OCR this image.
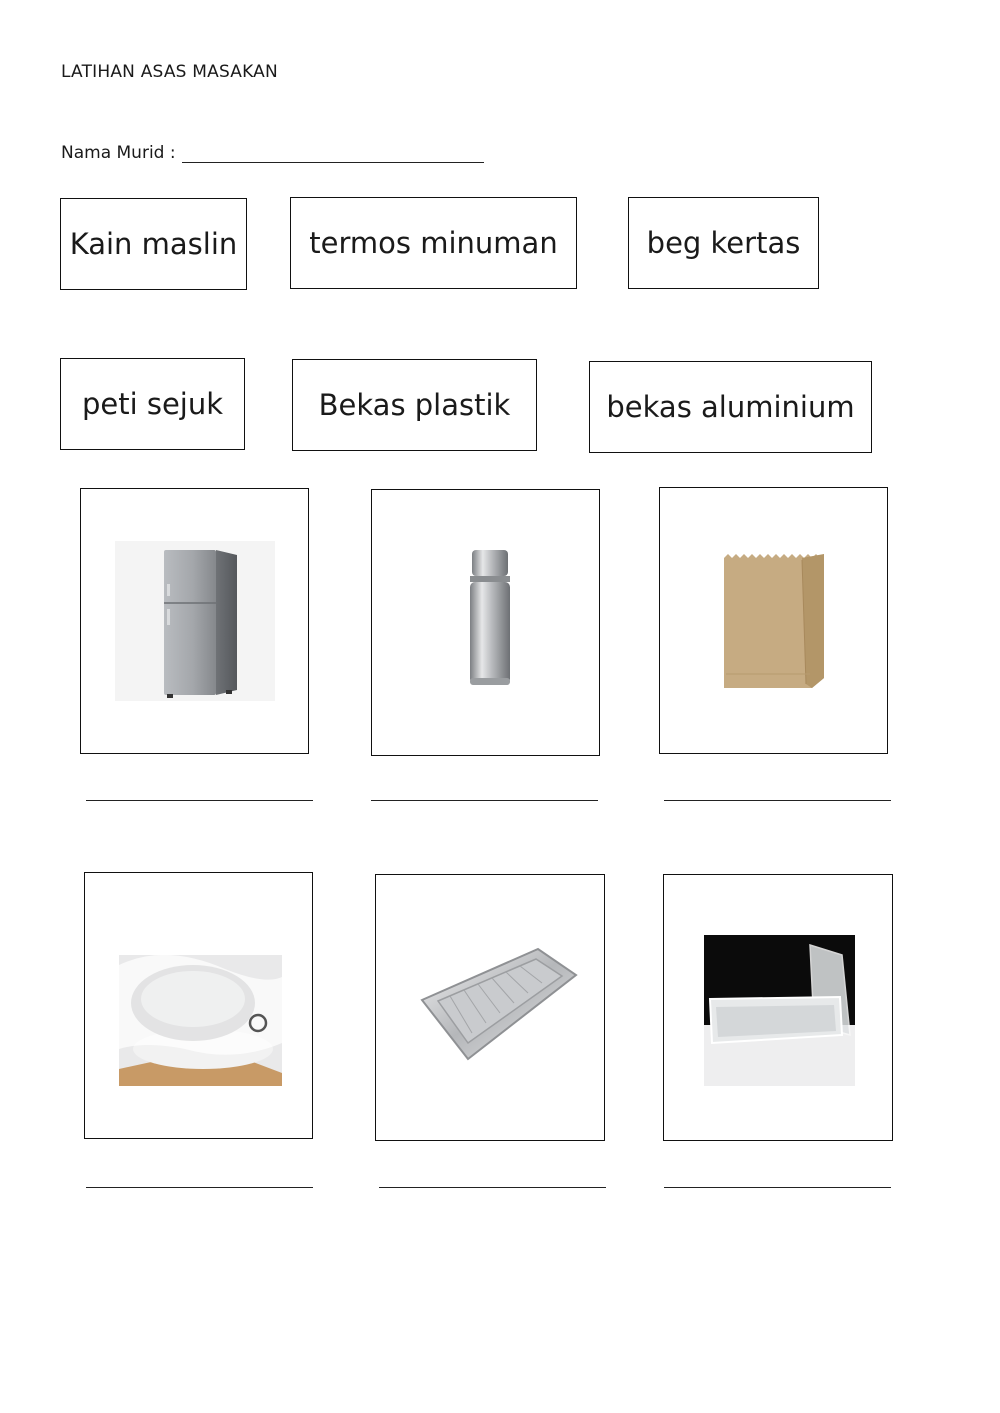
LATIHAN ASAS MASAKAN
Nama Murid :
Kain maslin termos minuman	beg kertas
peti sejuk	Bekas plastik	bekas aluminium
